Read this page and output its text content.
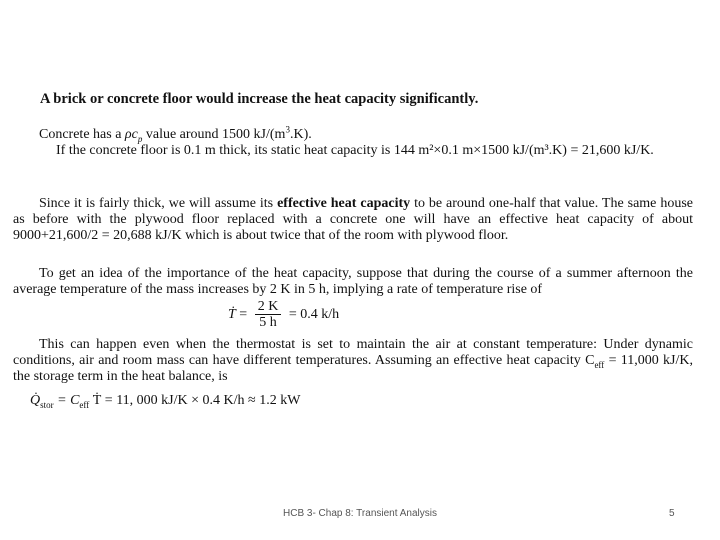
A brick or concrete floor would increase the heat capacity significantly.
Concrete has a $\rho c_p$ value around 1500 $kJ/(m^3.K)$.
If the concrete floor is 0.1 m thick, its static heat capacity is 144 m²×0.1 m×1500 kJ/(m³.K) = 21,600 kJ/K.
Since it is fairly thick, we will assume its effective heat capacity to be around one-half that value. The same house as before with the plywood floor replaced with a concrete one will have an effective heat capacity of about 9000+21,600/2 = 20,688 kJ/K which is about twice that of the room with plywood floor.
To get an idea of the importance of the heat capacity, suppose that during the course of a summer afternoon the average temperature of the mass increases by 2 K in 5 h, implying a rate of temperature rise of
Ṫ = $\frac{2 K}{5 h} = 0.4$ k/h
This can happen even when the thermostat is set to maintain the air at constant temperature: Under dynamic conditions, air and room mass can have different temperatures. Assuming an effective heat capacity $C_{eff} = 11,000$ kJ/K, the storage term in the heat balance, is
$Q̇_{stor} = C_{eff}$ Ṫ = 11, 000 kJ/K × 0.4 K/h ≈ 1.2 kW
HCB 3- Chap 8: Transient Analysis	5
